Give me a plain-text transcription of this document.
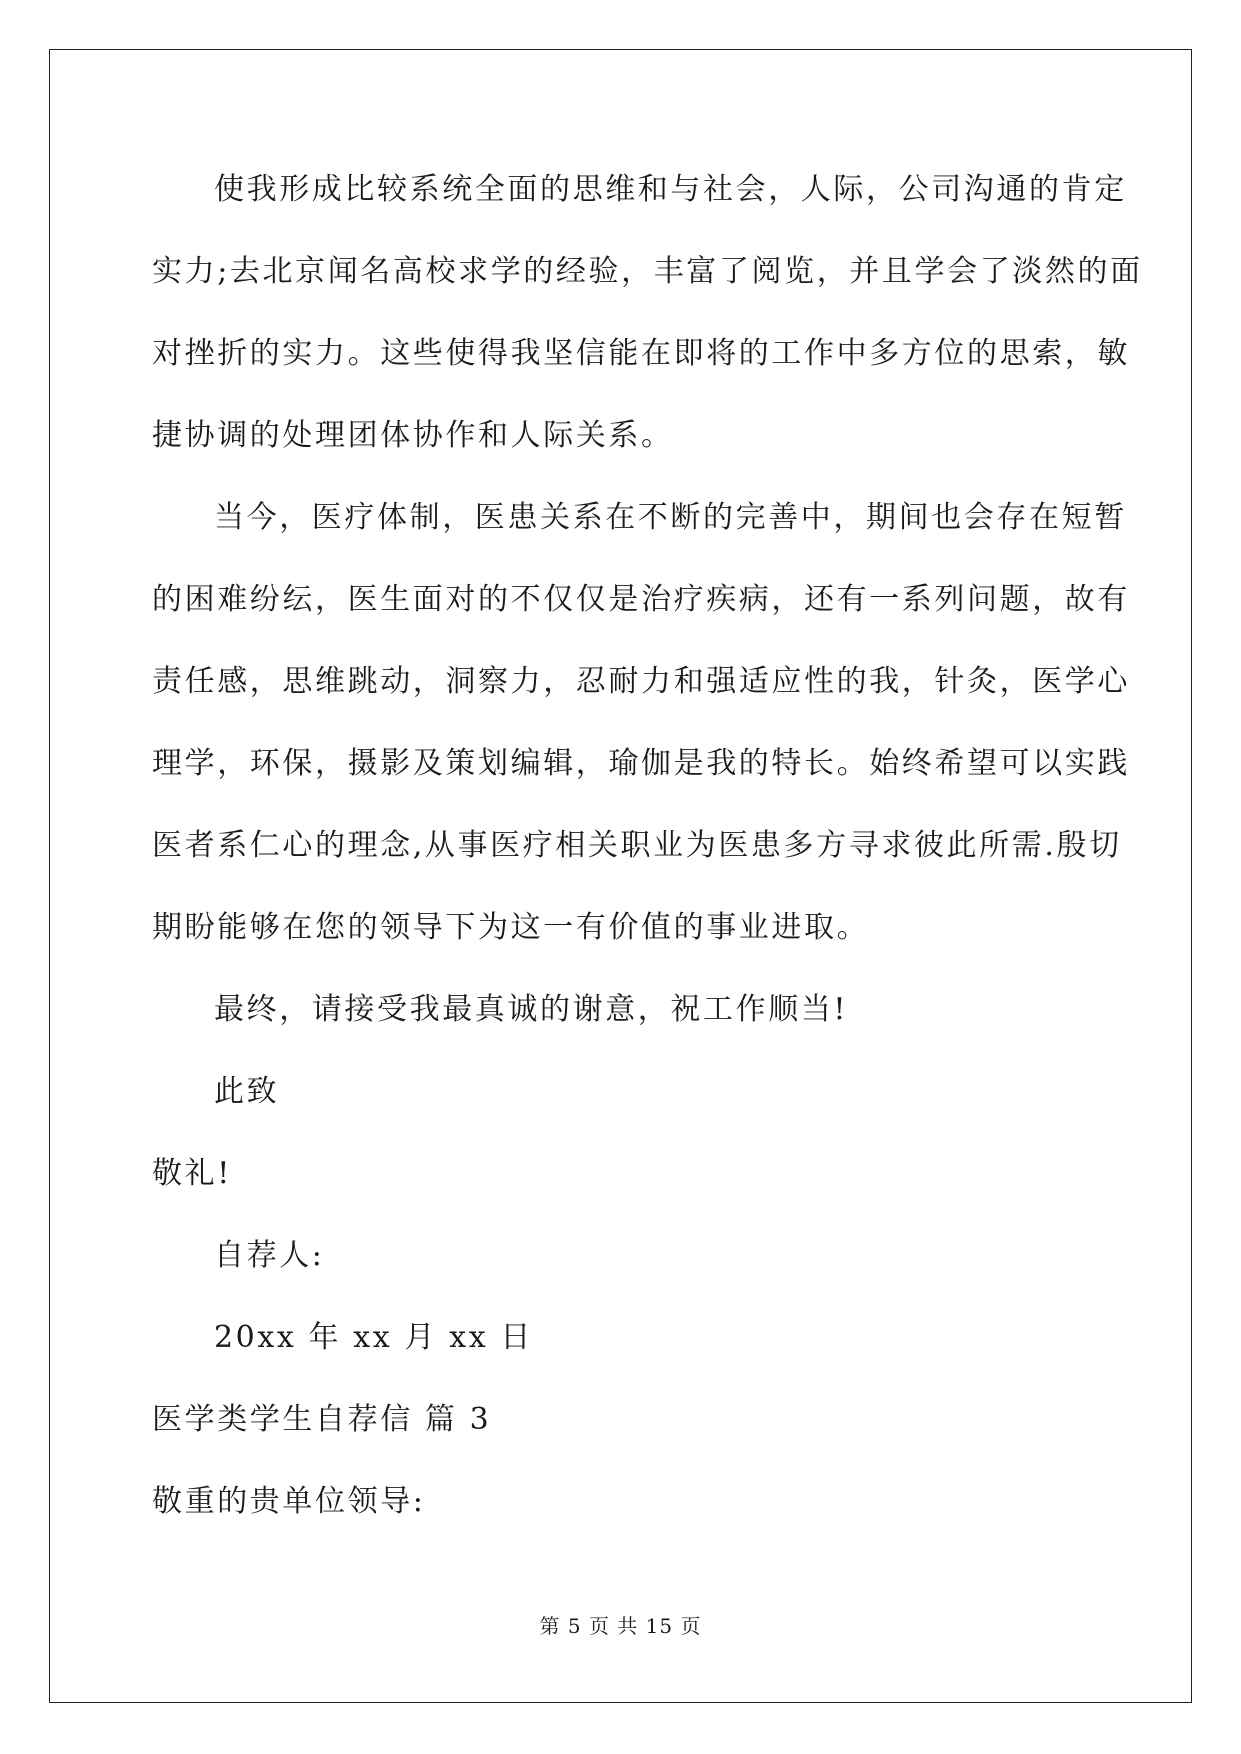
使我形成比较系统全面的思维和与社会，人际，公司沟通的肯定
实力;去北京闻名高校求学的经验，丰富了阅览，并且学会了淡然的面
对挫折的实力。这些使得我坚信能在即将的工作中多方位的思索，敏
捷协调的处理团体协作和人际关系。
当今，医疗体制，医患关系在不断的完善中，期间也会存在短暂
的困难纷纭，医生面对的不仅仅是治疗疾病，还有一系列问题，故有
责任感，思维跳动，洞察力，忍耐力和强适应性的我，针灸，医学心
理学，环保，摄影及策划编辑，瑜伽是我的特长。始终希望可以实践
医者系仁心的理念,从事医疗相关职业为医患多方寻求彼此所需.殷切
期盼能够在您的领导下为这一有价值的事业进取。
最终，请接受我最真诚的谢意，祝工作顺当!
此致
敬礼!
自荐人:
20xx 年 xx 月 xx 日
医学类学生自荐信 篇 3
敬重的贵单位领导:
第 5 页 共 15 页
